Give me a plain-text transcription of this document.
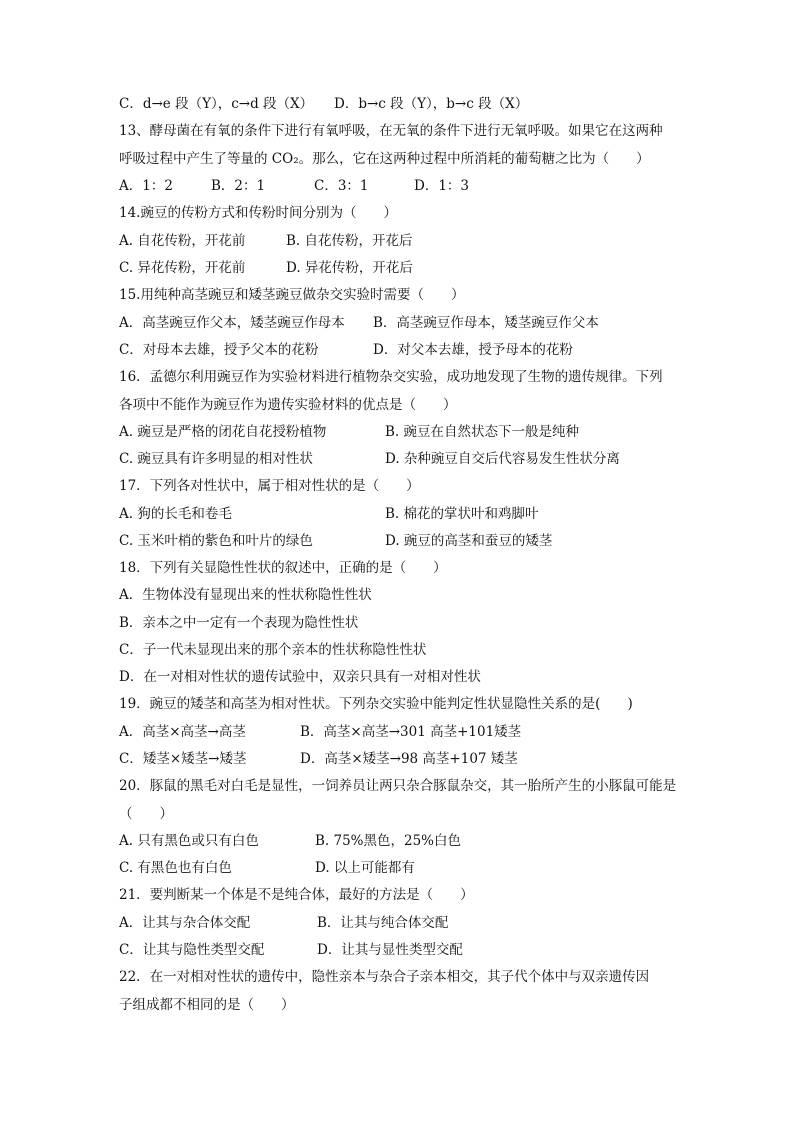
C．d→e 段（Y），c→d 段（X） D．b→c 段（Y），b→c 段（X）
13、酵母菌在有氧的条件下进行有氧呼吸，在无氧的条件下进行无氧呼吸。如果它在这两种
呼吸过程中产生了等量的 CO₂。那么，它在这两种过程中所消耗的葡萄糖之比为（　　）
A．1：2	B．2：1	C．3：1	D．1：3
14.豌豆的传粉方式和传粉时间分别为（　　）
A. 自花传粉，开花前	B. 自花传粉，开花后
C. 异花传粉，开花前	D. 异花传粉，开花后
15.用纯种高茎豌豆和矮茎豌豆做杂交实验时需要（　　）
A．高茎豌豆作父本，矮茎豌豆作母本 B．高茎豌豆作母本，矮茎豌豆作父本
C．对母本去雄，授予父本的花粉	D．对父本去雄，授予母本的花粉
16．孟德尔利用豌豆作为实验材料进行植物杂交实验，成功地发现了生物的遗传规律。下列
各项中不能作为豌豆作为遗传实验材料的优点是（　　）
A. 豌豆是严格的闭花自花授粉植物	B. 豌豆在自然状态下一般是纯种
C. 豌豆具有许多明显的相对性状	D. 杂种豌豆自交后代容易发生性状分离
17．下列各对性状中，属于相对性状的是（　　）
A. 狗的长毛和卷毛	B. 棉花的掌状叶和鸡脚叶
C. 玉米叶梢的紫色和叶片的绿色	D. 豌豆的高茎和蚕豆的矮茎
18．下列有关显隐性性状的叙述中，正确的是（　　）
A．生物体没有显现出来的性状称隐性性状
B．亲本之中一定有一个表现为隐性性状
C．子一代未显现出来的那个亲本的性状称隐性性状
D．在一对相对性状的遗传试验中，双亲只具有一对相对性状
19．豌豆的矮茎和高茎为相对性状。下列杂交实验中能判定性状显隐性关系的是(　　)
A．高茎×高茎→高茎	B．高茎×高茎→301 高茎+101矮茎
C．矮茎×矮茎→矮茎	D．高茎×矮茎→98 高茎+107 矮茎
20．豚鼠的黑毛对白毛是显性，一饲养员让两只杂合豚鼠杂交，其一胎所产生的小豚鼠可能是
（　　）
A. 只有黑色或只有白色	B. 75%黑色，25%白色
C. 有黑色也有白色	D. 以上可能都有
21．要判断某一个体是不是纯合体，最好的方法是（　　）
A．让其与杂合体交配	B．让其与纯合体交配
C．让其与隐性类型交配	D．让其与显性类型交配
22．在一对相对性状的遗传中，隐性亲本与杂合子亲本相交，其子代个体中与双亲遗传因
子组成都不相同的是（　　）
